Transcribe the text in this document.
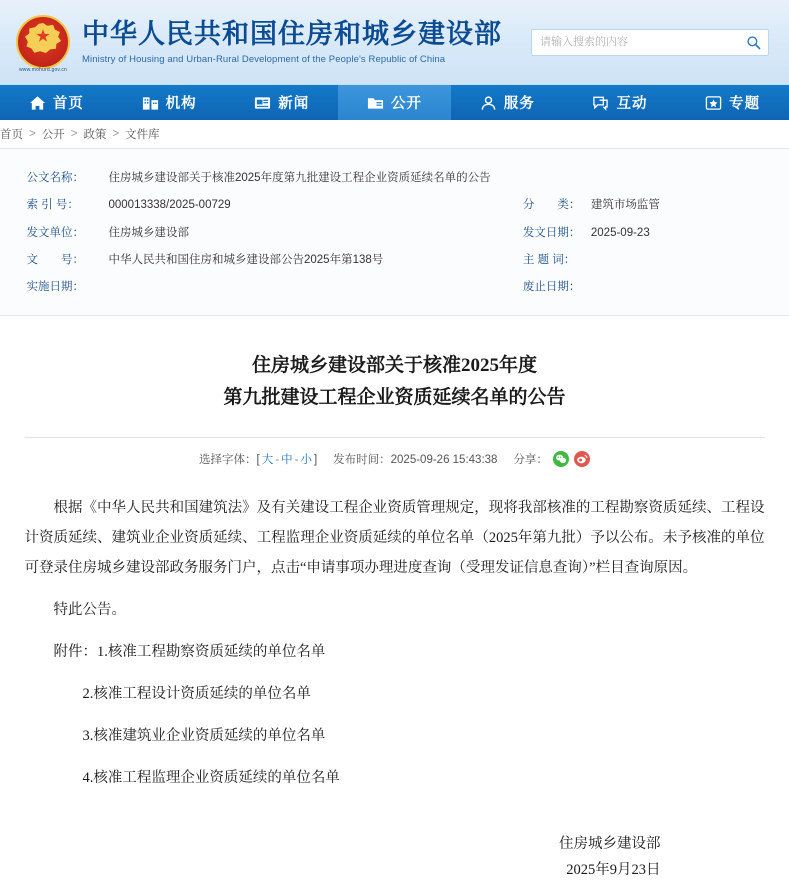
www.mohurd.gov.cn
中华人民共和国住房和城乡建设部
Ministry of Housing and Urban-Rural Development of the People's Republic of China
请输入搜索的内容
首页	机构	新闻	公开	服务	互动	专题
首页 > 公开 > 政策 > 文件库
公文名称：	住房城乡建设部关于核准2025年度第九批建设工程企业资质延续名单的公告		
索 引 号：	000013338/2025-00729	分　　类：	建筑市场监管
发文单位：	住房城乡建设部	发文日期：	2025-09-23
文　　号：	中华人民共和国住房和城乡建设部公告2025年第138号	主 题 词：	
实施日期：		废止日期：	
住房城乡建设部关于核准2025年度
第九批建设工程企业资质延续名单的公告
选择字体：[ 大 - 中 - 小 ] 发布时间：2025-09-26 15:43:38 分享：

根据《中华人民共和国建筑法》及有关建设工程企业资质管理规定，现将我部核准的工程勘察资质延续、工程设计资质延续、建筑业企业资质延续、工程监理企业资质延续的单位名单（2025年第九批）予以公布。未予核准的单位可登录住房城乡建设部政务服务门户，点击“申请事项办理进度查询（受理发证信息查询）”栏目查询原因。

特此公告。

附件：1.核准工程勘察资质延续的单位名单
2.核准工程设计资质延续的单位名单
3.核准建筑业企业资质延续的单位名单
4.核准工程监理企业资质延续的单位名单
住房城乡建设部
2025年9月23日
